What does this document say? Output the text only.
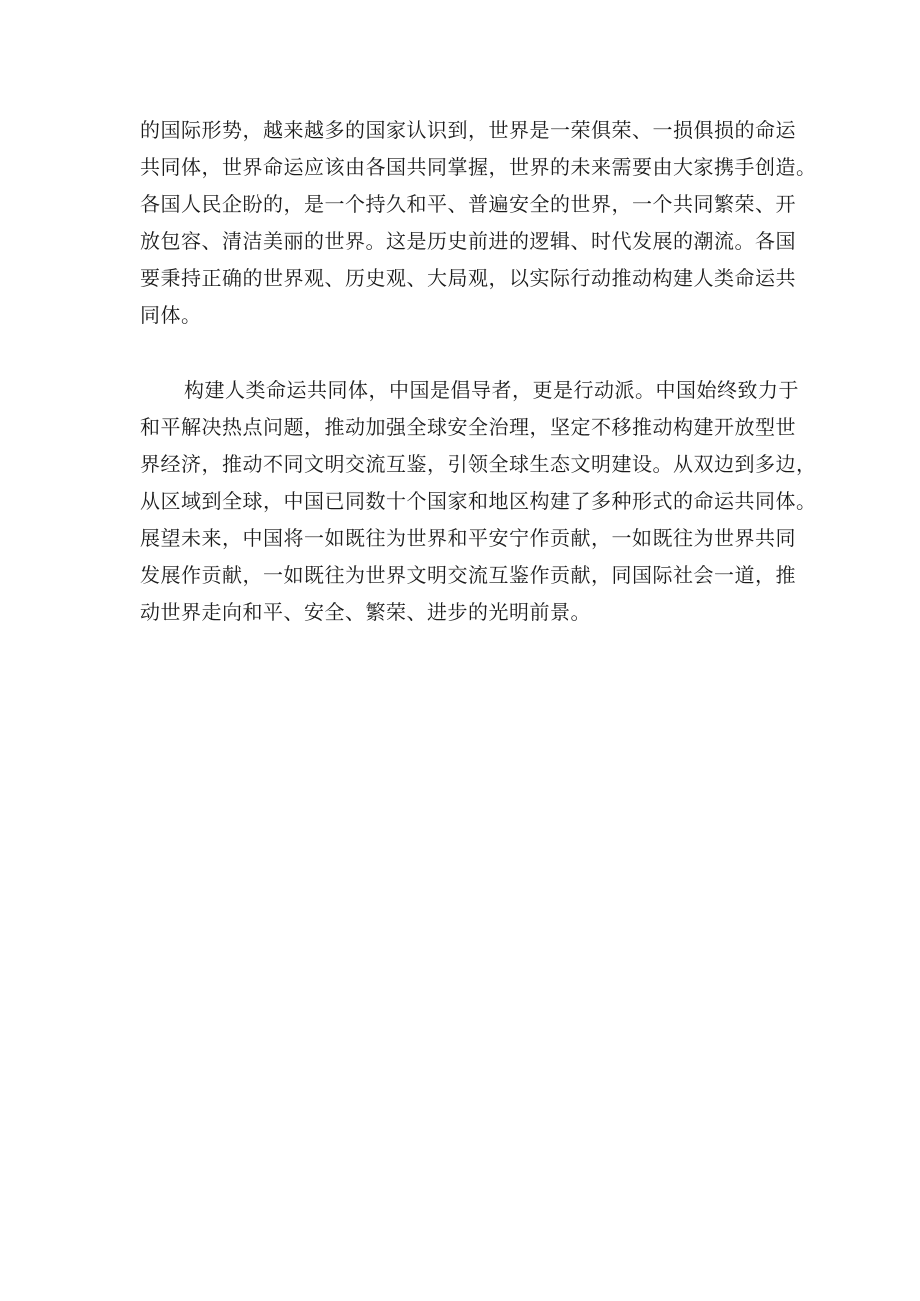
的国际形势，越来越多的国家认识到，世界是一荣俱荣、一损俱损的命运
共同体，世界命运应该由各国共同掌握，世界的未来需要由大家携手创造。
各国人民企盼的，是一个持久和平、普遍安全的世界，一个共同繁荣、开
放包容、清洁美丽的世界。这是历史前进的逻辑、时代发展的潮流。各国
要秉持正确的世界观、历史观、大局观，以实际行动推动构建人类命运共
同体。
构建人类命运共同体，中国是倡导者，更是行动派。中国始终致力于
和平解决热点问题，推动加强全球安全治理，坚定不移推动构建开放型世
界经济，推动不同文明交流互鉴，引领全球生态文明建设。从双边到多边，
从区域到全球，中国已同数十个国家和地区构建了多种形式的命运共同体。
展望未来，中国将一如既往为世界和平安宁作贡献，一如既往为世界共同
发展作贡献，一如既往为世界文明交流互鉴作贡献，同国际社会一道，推
动世界走向和平、安全、繁荣、进步的光明前景。
